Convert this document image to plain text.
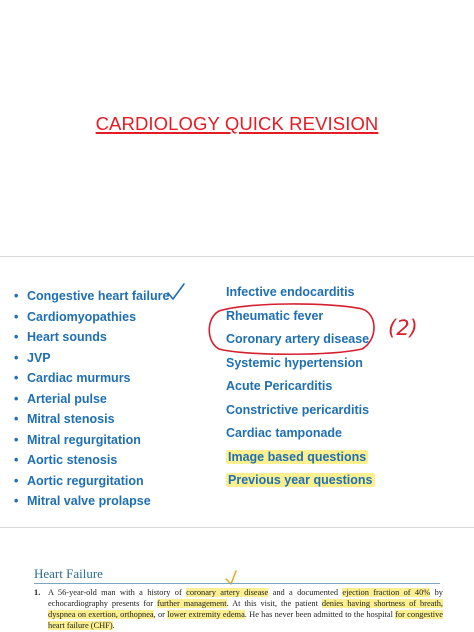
CARDIOLOGY QUICK REVISION
• Congestive heart failure
• Cardiomyopathies
• Heart sounds
• JVP
• Cardiac murmurs
• Arterial pulse
• Mitral stenosis
• Mitral regurgitation
• Aortic stenosis
• Aortic regurgitation
• Mitral valve prolapse
Infective endocarditis
Rheumatic fever
Coronary artery disease
Systemic hypertension
Acute Pericarditis
Constrictive pericarditis
Cardiac tamponade
Image based questions
Previous year questions
(2)
Heart Failure
1. A 56-year-old man with a history of coronary artery disease and a documented ejection fraction of 40% by echocardiography presents for further management. At this visit, the patient denies having shortness of breath, dyspnea on exertion, orthopnea, or lower extremity edema. He has never been admitted to the hospital for congestive heart failure (CHF).
